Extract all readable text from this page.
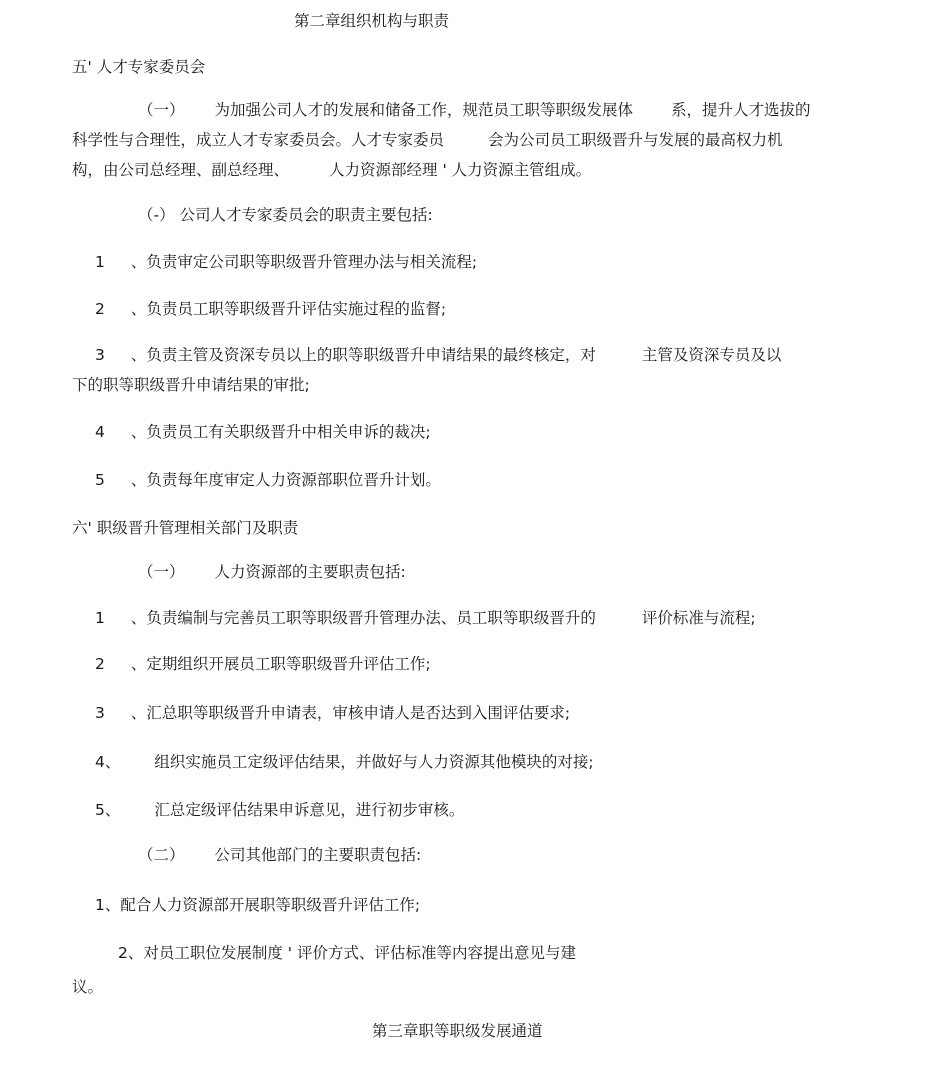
第二章组织机构与职责
五' 人才专家委员会
（一） 为加强公司人才的发展和储备工作，规范员工职等职级发展体 系，提升人才选拔的
科学性与合理性，成立人才专家委员会。人才专家委员	会为公司员工职级晋升与发展的最高权力机
构，由公司总经理、副总经理、	人力资源部经理 ' 人力资源主管组成。
（-） 公司人才专家委员会的职责主要包括:
1 、负责审定公司职等职级晋升管理办法与相关流程;
2 、负责员工职等职级晋升评估实施过程的监督;
3 、负责主管及资深专员以上的职等职级晋升申请结果的最终核定，对	主管及资深专员及以
下的职等职级晋升申请结果的审批;
4 、负责员工有关职级晋升中相关申诉的裁决;
5 、负责每年度审定人力资源部职位晋升计划。
六' 职级晋升管理相关部门及职责
（一） 人力资源部的主要职责包括:
1 、负责编制与完善员工职等职级晋升管理办法、员工职等职级晋升的	评价标准与流程;
2 、定期组织开展员工职等职级晋升评估工作;
3 、汇总职等职级晋升申请表，审核申请人是否达到入围评估要求;
4、 组织实施员工定级评估结果，并做好与人力资源其他模块的对接;
5、 汇总定级评估结果申诉意见，进行初步审核。
（二） 公司其他部门的主要职责包括:
1、配合人力资源部开展职等职级晋升评估工作;
2、对员工职位发展制度 ' 评价方式、评估标准等内容提出意见与建
议。
第三章职等职级发展通道
